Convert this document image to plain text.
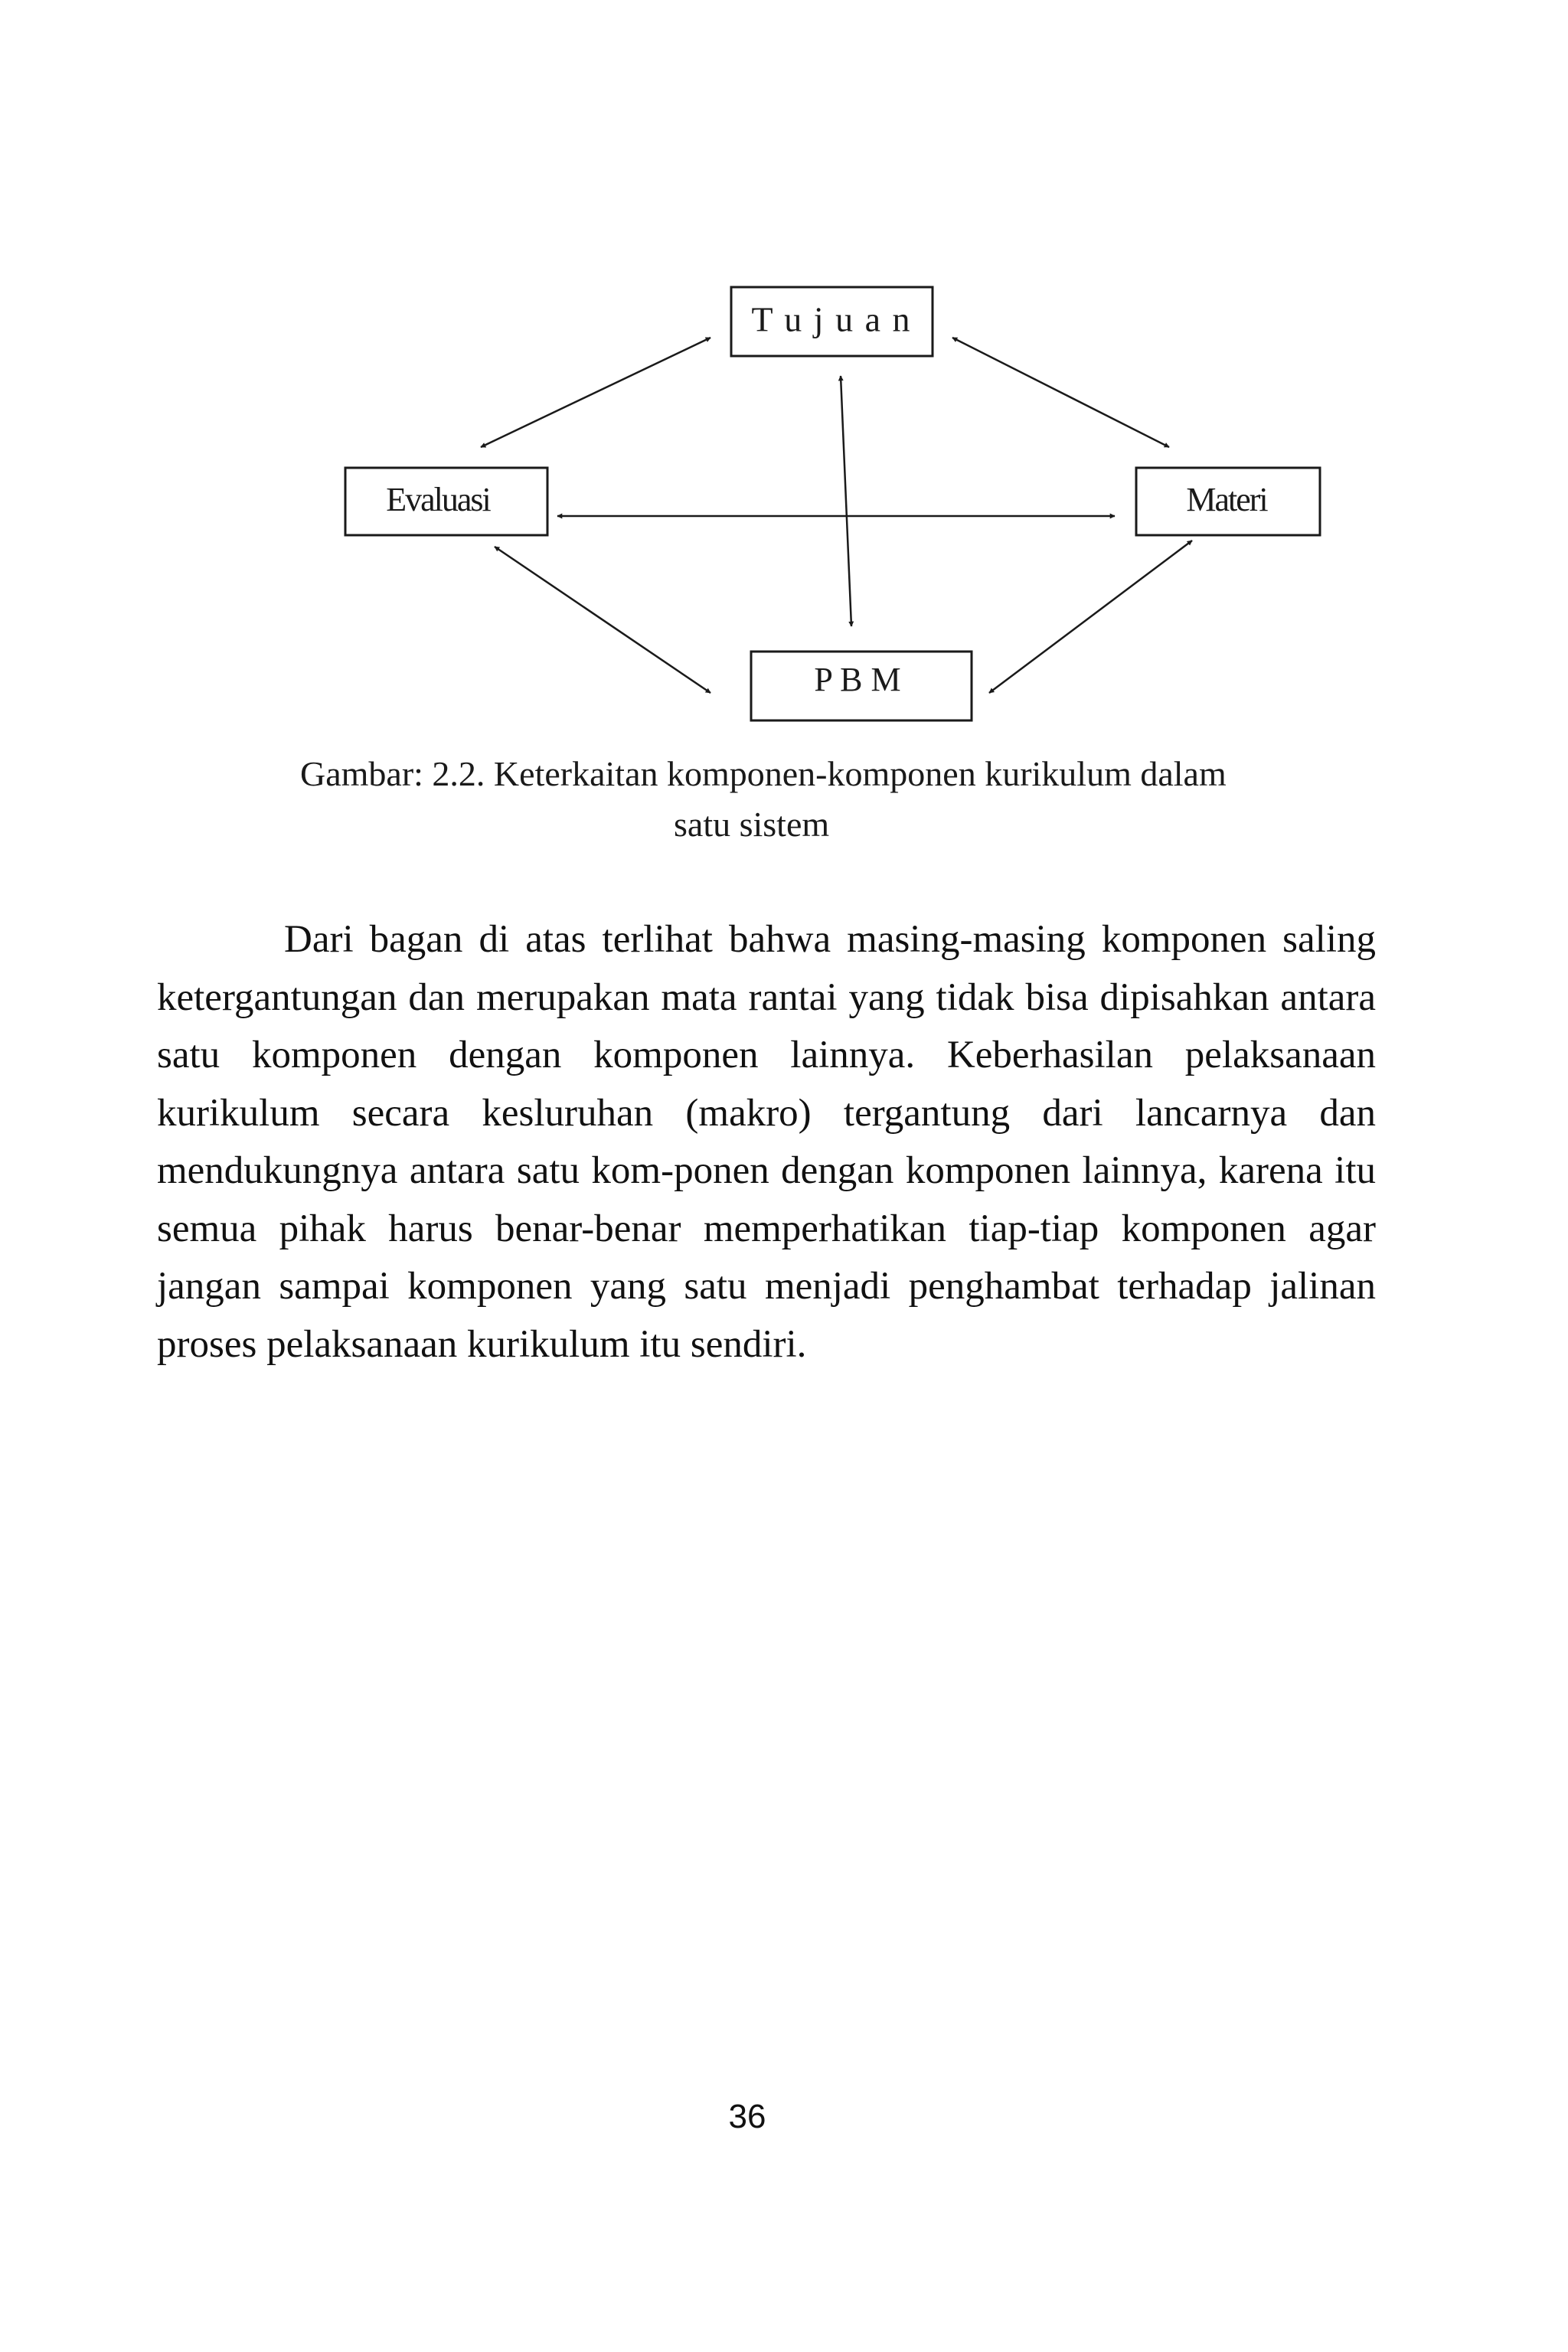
T u j u a n
Evaluasi	Materi
P B M
Gambar: 2.2. Keterkaitan komponen-komponen kurikulum dalam
satu sistem

Dari bagan di atas terlihat bahwa masing-masing komponen saling ketergantungan dan merupakan mata rantai yang tidak bisa dipisahkan antara satu komponen dengan komponen lainnya. Keberhasilan pelaksanaan kurikulum secara kesluruhan (makro) tergantung dari lancarnya dan mendukungnya antara satu kom-ponen dengan komponen lainnya, karena itu semua pihak harus benar-benar memperhatikan tiap-tiap komponen agar jangan sampai komponen yang satu menjadi penghambat terhadap jalinan proses pelaksanaan kurikulum itu sendiri.

36
